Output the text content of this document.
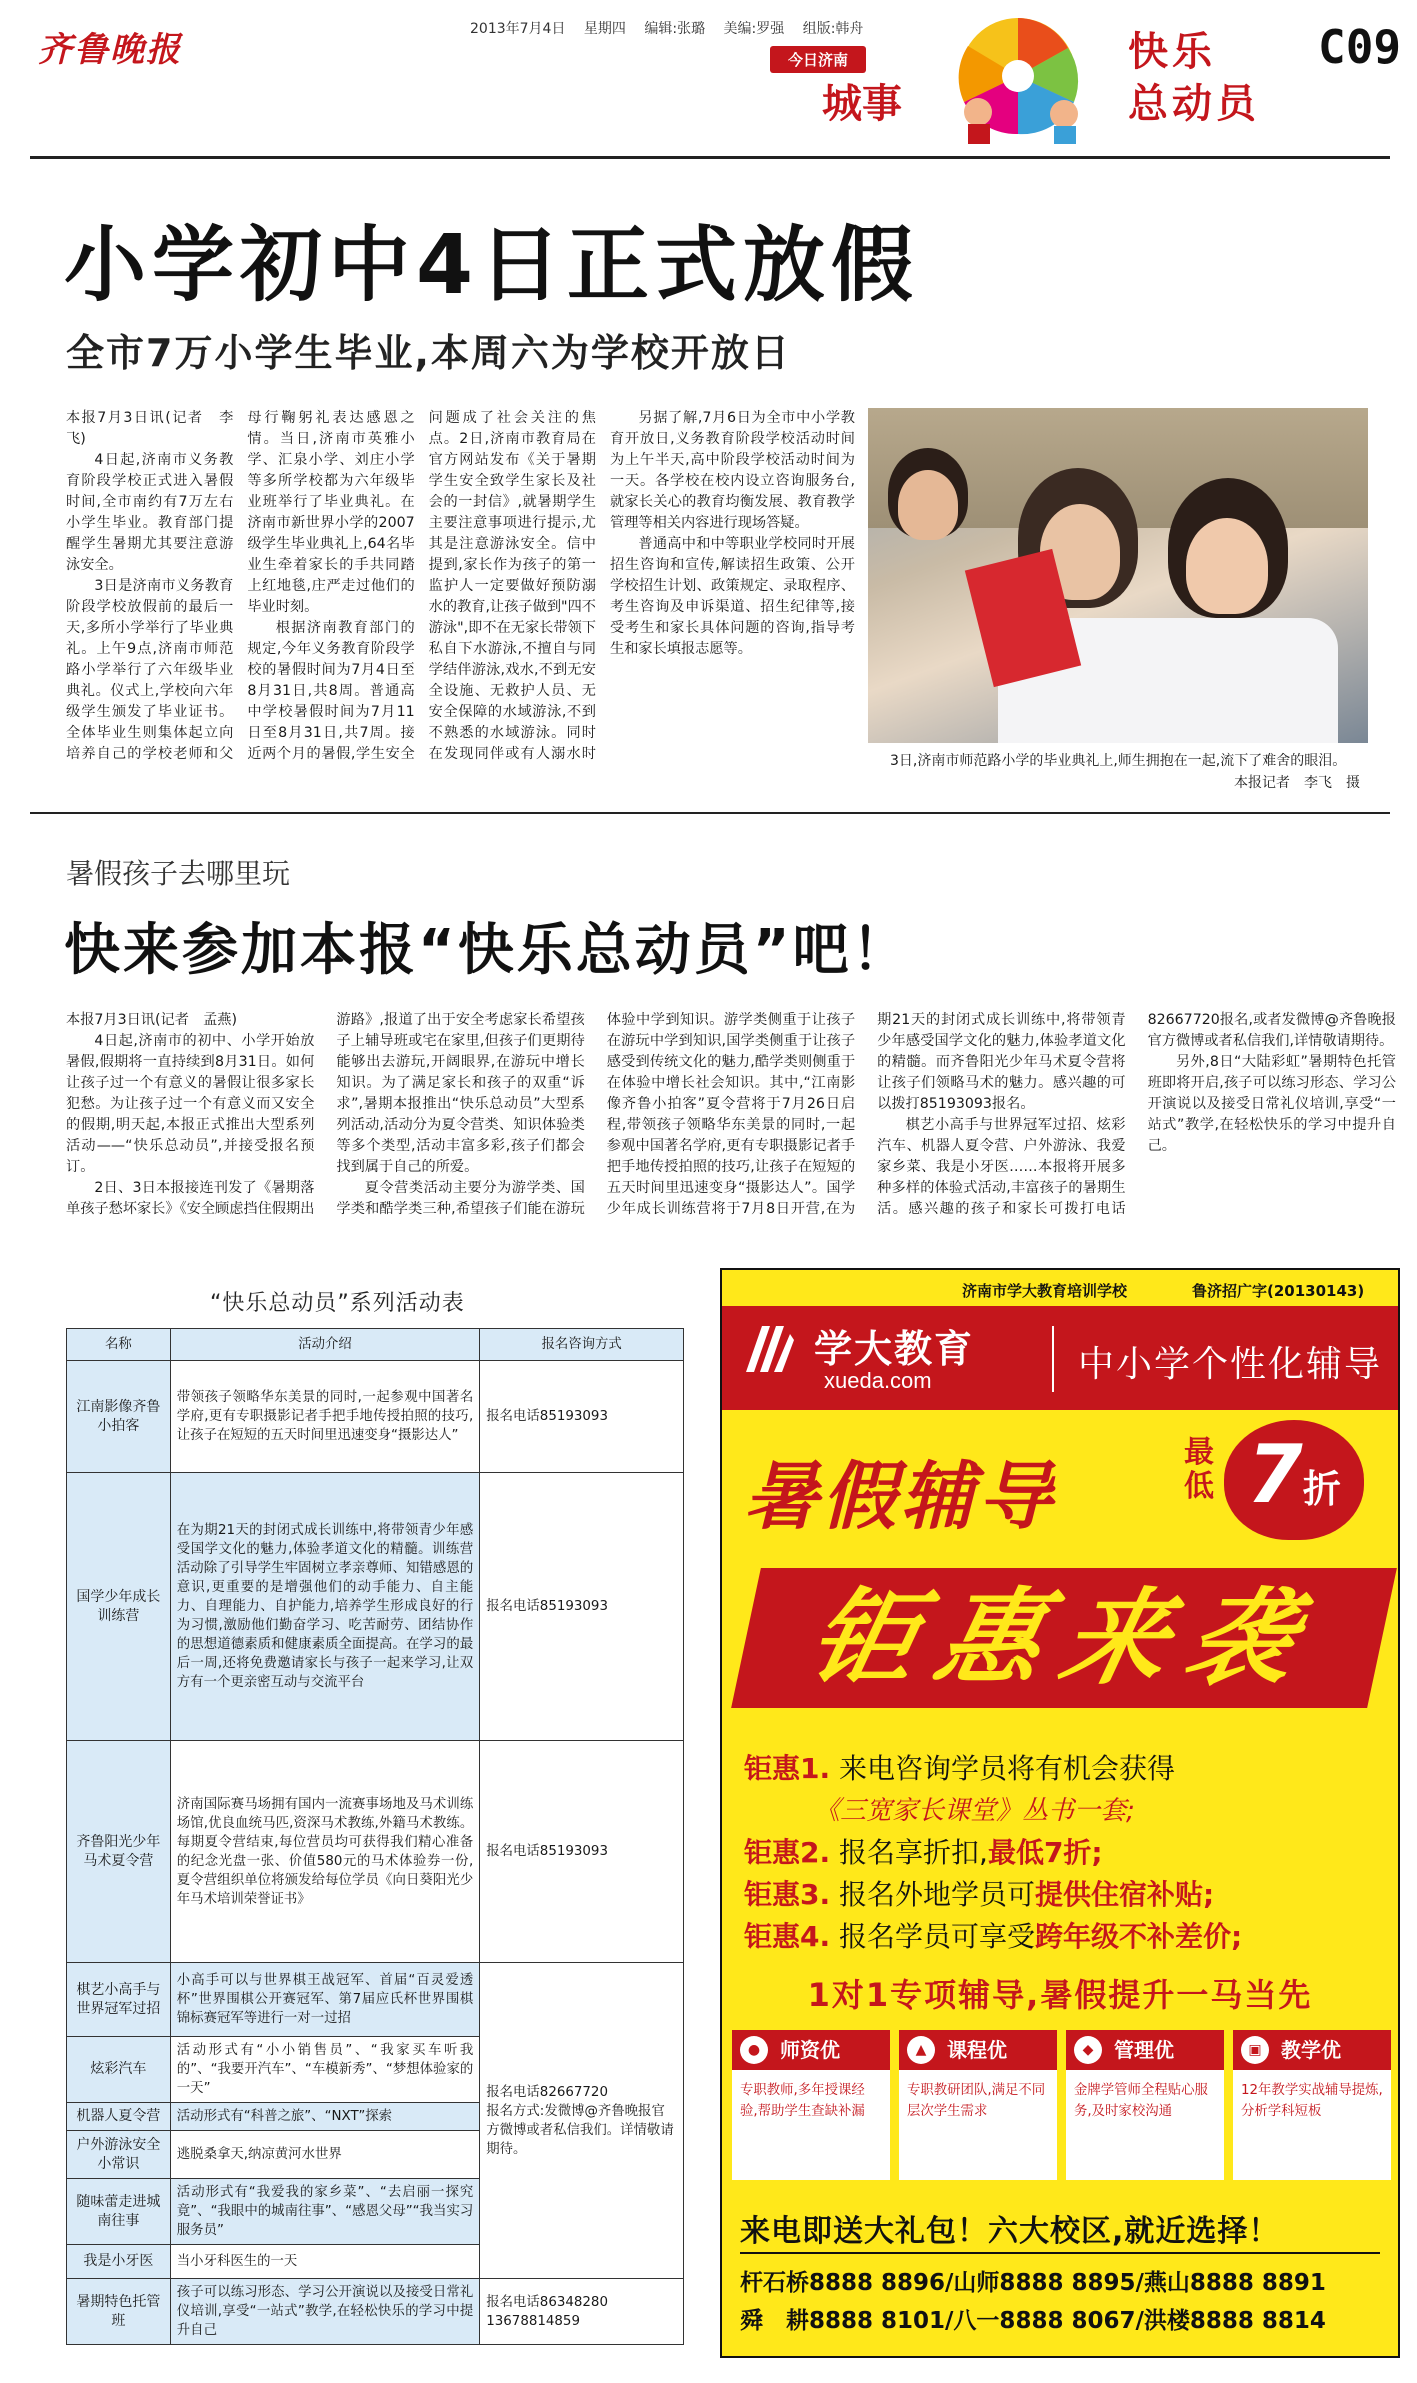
齐鲁晚报
2013年7月4日 星期四 编辑:张璐 美编:罗强 组版:韩舟
今日济南
城事
快乐
总动员
C09
小学初中4日正式放假
全市7万小学生毕业,本周六为学校开放日

本报7月3日讯(记者　李飞)

4日起,济南市义务教育阶段学校正式进入暑假时间,全市南约有7万左右小学生毕业。教育部门提醒学生暑期尤其要注意游泳安全。

3日是济南市义务教育阶段学校放假前的最后一天,多所小学举行了毕业典礼。上午9点,济南市师范路小学举行了六年级毕业典礼。仪式上,学校向六年级学生颁发了毕业证书。全体毕业生则集体起立向培养自己的学校老师和父母行鞠躬礼表达感恩之情。当日,济南市英雅小学、汇泉小学、刘庄小学等多所学校都为六年级毕业班举行了毕业典礼。在济南市新世界小学的2007级学生毕业典礼上,64名毕业生牵着家长的手共同踏上红地毯,庄严走过他们的毕业时刻。

根据济南教育部门的规定,今年义务教育阶段学校的暑假时间为7月4日至8月31日,共8周。普通高中学校暑假时间为7月11日至8月31日,共7周。接近两个月的暑假,学生安全问题成了社会关注的焦点。2日,济南市教育局在官方网站发布《关于暑期学生安全致学生家长及社会的一封信》,就暑期学生主要注意事项进行提示,尤其是注意游泳安全。信中提到,家长作为孩子的第一监护人一定要做好预防溺水的教育,让孩子做到"四不游泳",即不在无家长带领下私自下水游泳,不擅自与同学结伴游泳,戏水,不到无安全设施、无救护人员、无安全保障的水域游泳,不到不熟悉的水域游泳。同时在发现同伴或有人溺水时

另据了解,7月6日为全市中小学教育开放日,义务教育阶段学校活动时间为上午半天,高中阶段学校活动时间为一天。各学校在校内设立咨询服务台,就家长关心的教育均衡发展、教育教学管理等相关内容进行现场答疑。

普通高中和中等职业学校同时开展招生咨询和宣传,解读招生政策、公开学校招生计划、政策规定、录取程序、考生咨询及申诉渠道、招生纪律等,接受考生和家长具体问题的咨询,指导考生和家长填报志愿等。

3日,济南市师范路小学的毕业典礼上,师生拥抱在一起,流下了难舍的眼泪。
本报记者　李飞　摄
暑假孩子去哪里玩
快来参加本报“快乐总动员”吧！

本报7月3日讯(记者　孟燕)

4日起,济南市的初中、小学开始放暑假,假期将一直持续到8月31日。如何让孩子过一个有意义的暑假让很多家长犯愁。为让孩子过一个有意义而又安全的假期,明天起,本报正式推出大型系列活动——“快乐总动员”,并接受报名预订。

2日、3日本报接连刊发了《暑期落单孩子愁坏家长》《安全顾虑挡住假期出游路》,报道了出于安全考虑家长希望孩子上辅导班或宅在家里,但孩子们更期待能够出去游玩,开阔眼界,在游玩中增长知识。为了满足家长和孩子的双重“诉求”,暑期本报推出“快乐总动员”大型系列活动,活动分为夏令营类、知识体验类等多个类型,活动丰富多彩,孩子们都会找到属于自己的所爱。

夏令营类活动主要分为游学类、国学类和酷学类三种,希望孩子们能在游玩体验中学到知识。游学类侧重于让孩子在游玩中学到知识,国学类侧重于让孩子感受到传统文化的魅力,酷学类则侧重于在体验中增长社会知识。其中,“江南影像齐鲁小拍客”夏令营将于7月26日启程,带领孩子领略华东美景的同时,一起参观中国著名学府,更有专职摄影记者手把手地传授拍照的技巧,让孩子在短短的五天时间里迅速变身“摄影达人”。国学少年成长训练营将于7月8日开营,在为期21天的封闭式成长训练中,将带领青少年感受国学文化的魅力,体验孝道文化的精髓。而齐鲁阳光少年马术夏令营将让孩子们领略马术的魅力。感兴趣的可以拨打85193093报名。

棋艺小高手与世界冠军过招、炫彩汽车、机器人夏令营、户外游泳、我爱家乡菜、我是小牙医……本报将开展多种多样的体验式活动,丰富孩子的暑期生活。感兴趣的孩子和家长可拨打电话82667720报名,或者发微博@齐鲁晚报官方微博或者私信我们,详情敬请期待。

另外,8日“大陆彩虹”暑期特色托管班即将开启,孩子可以练习形态、学习公开演说以及接受日常礼仪培训,享受“一站式”教学,在轻松快乐的学习中提升自己。

“快乐总动员”系列活动表
名称	活动介绍	报名咨询方式
江南影像齐鲁小拍客	带领孩子领略华东美景的同时,一起参观中国著名学府,更有专职摄影记者手把手地传授拍照的技巧,让孩子在短短的五天时间里迅速变身“摄影达人”	报名电话85193093
国学少年成长训练营	在为期21天的封闭式成长训练中,将带领青少年感受国学文化的魅力,体验孝道文化的精髓。训练营活动除了引导学生牢固树立孝亲尊师、知错感恩的意识,更重要的是增强他们的动手能力、自主能力、自理能力、自护能力,培养学生形成良好的行为习惯,激励他们勤奋学习、吃苦耐劳、团结协作的思想道德素质和健康素质全面提高。在学习的最后一周,还将免费邀请家长与孩子一起来学习,让双方有一个更亲密互动与交流平台	报名电话85193093
齐鲁阳光少年马术夏令营	济南国际赛马场拥有国内一流赛事场地及马术训练场馆,优良血统马匹,资深马术教练,外籍马术教练。每期夏令营结束,每位营员均可获得我们精心准备的纪念光盘一张、价值580元的马术体验券一份,夏令营组织单位将颁发给每位学员《向日葵阳光少年马术培训荣誉证书》	报名电话85193093
棋艺小高手与世界冠军过招	小高手可以与世界棋王战冠军、首届“百灵爱透杯”世界围棋公开赛冠军、第7届应氏杯世界围棋锦标赛冠军等进行一对一过招	报名电话82667720
报名方式:发微博@齐鲁晚报官方微博或者私信我们。详情敬请期待。

炫彩汽车	活动形式有“小小销售员”、“我家买车听我的”、“我要开汽车”、“车模新秀”、“梦想体验家的一天”	
机器人夏令营	活动形式有“科普之旅”、“NXT”探索	
户外游泳安全小常识	逃脱桑拿天,纳凉黄河水世界	
随味蕾走进城南往事	活动形式有“我爱我的家乡菜”、“去启丽一探究竟”、“我眼中的城南往事”、“感恩父母”“我当实习服务员”	
我是小牙医	当小牙科医生的一天	
暑期特色托管班	孩子可以练习形态、学习公开演说以及接受日常礼仪培训,享受“一站式”教学,在轻松快乐的学习中提升自己	报名电话86348280　13678814859
济南市学大教育培训学校	鲁济招广字(20130143)
学大教育
xueda.com	中小学个性化辅导
暑假辅导
最低 7折
钜惠来袭
钜惠1. 来电咨询学员将有机会获得
《三宽家长课堂》丛书一套;
钜惠2. 报名享折扣,最低7折;
钜惠3. 报名外地学员可提供住宿补贴;
钜惠4. 报名学员可享受跨年级不补差价;
1对1专项辅导,暑假提升一马当先
● 师资优
专职教师,多年授课经验,帮助学生查缺补漏
▲	课程优
专职教研团队,满足不同层次学生需求
◆	管理优
金牌学管师全程贴心服务,及时家校沟通
▣ 教学优
12年教学实战辅导提炼,分析学科短板
来电即送大礼包！六大校区,就近选择！
杆石桥8888 8896/山师8888 8895/燕山8888 8891
舜　耕8888 8101/八一8888 8067/洪楼8888 8814
